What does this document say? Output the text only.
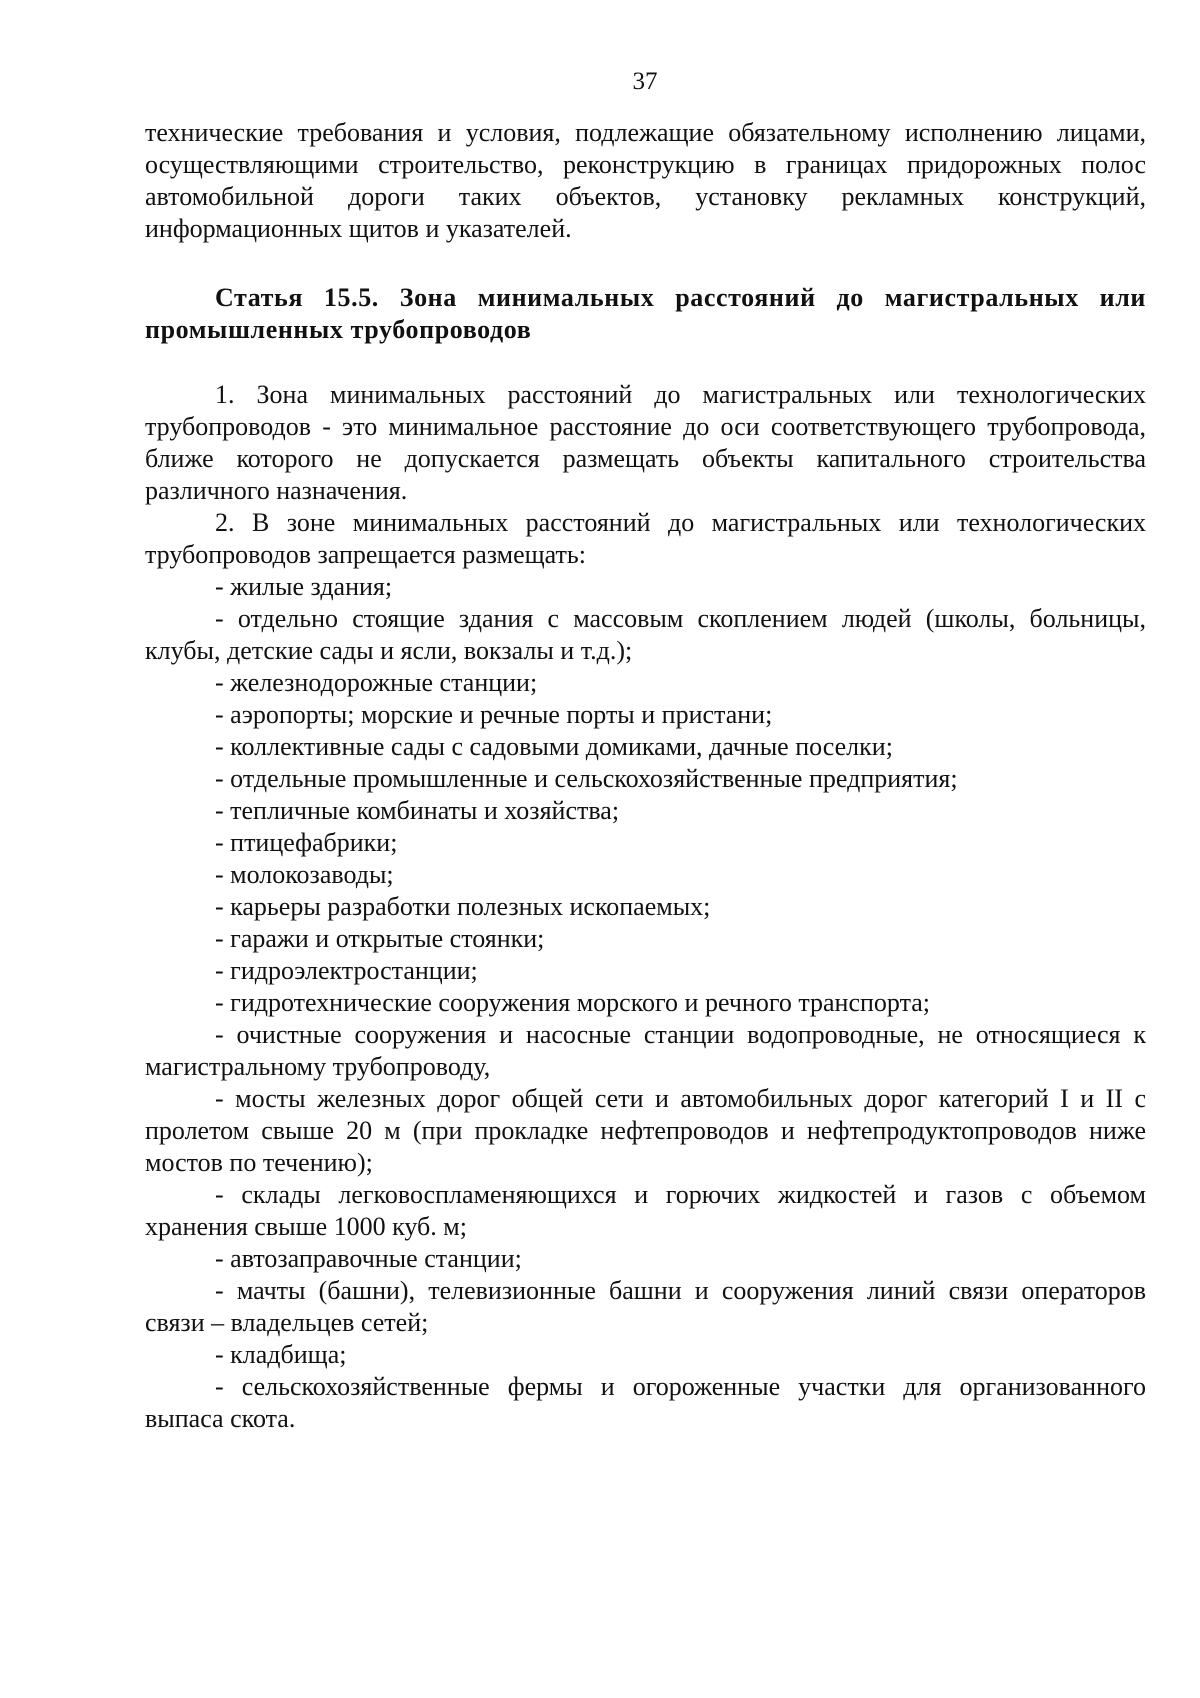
37

технические требования и условия, подлежащие обязательному исполнению лицами, осуществляющими строительство, реконструкцию в границах придорожных полос автомобильной дороги таких объектов, установку рекламных конструкций, информационных щитов и указателей.

Статья 15.5. Зона минимальных расстояний до магистральных или промышленных трубопроводов

1. Зона минимальных расстояний до магистральных или технологических трубопроводов - это минимальное расстояние до оси соответствующего трубопровода, ближе которого не допускается размещать объекты капитального строительства различного назначения.

2. В зоне минимальных расстояний до магистральных или технологических трубопроводов запрещается размещать:

- жилые здания;

- отдельно стоящие здания с массовым скоплением людей (школы, больницы, клубы, детские сады и ясли, вокзалы и т.д.);

- железнодорожные станции;

- аэропорты; морские и речные порты и пристани;

- коллективные сады с садовыми домиками, дачные поселки;

- отдельные промышленные и сельскохозяйственные предприятия;

- тепличные комбинаты и хозяйства;

- птицефабрики;

- молокозаводы;

- карьеры разработки полезных ископаемых;

- гаражи и открытые стоянки;

- гидроэлектростанции;

- гидротехнические сооружения морского и речного транспорта;

- очистные сооружения и насосные станции водопроводные, не относящиеся к магистральному трубопроводу,

- мосты железных дорог общей сети и автомобильных дорог категорий I и II с пролетом свыше 20 м (при прокладке нефтепроводов и нефтепродуктопроводов ниже мостов по течению);

- склады легковоспламеняющихся и горючих жидкостей и газов с объемом хранения свыше 1000 куб. м;

- автозаправочные станции;

- мачты (башни), телевизионные башни и сооружения линий связи операторов связи – владельцев сетей;

- кладбища;

- сельскохозяйственные фермы и огороженные участки для организованного выпаса скота.
